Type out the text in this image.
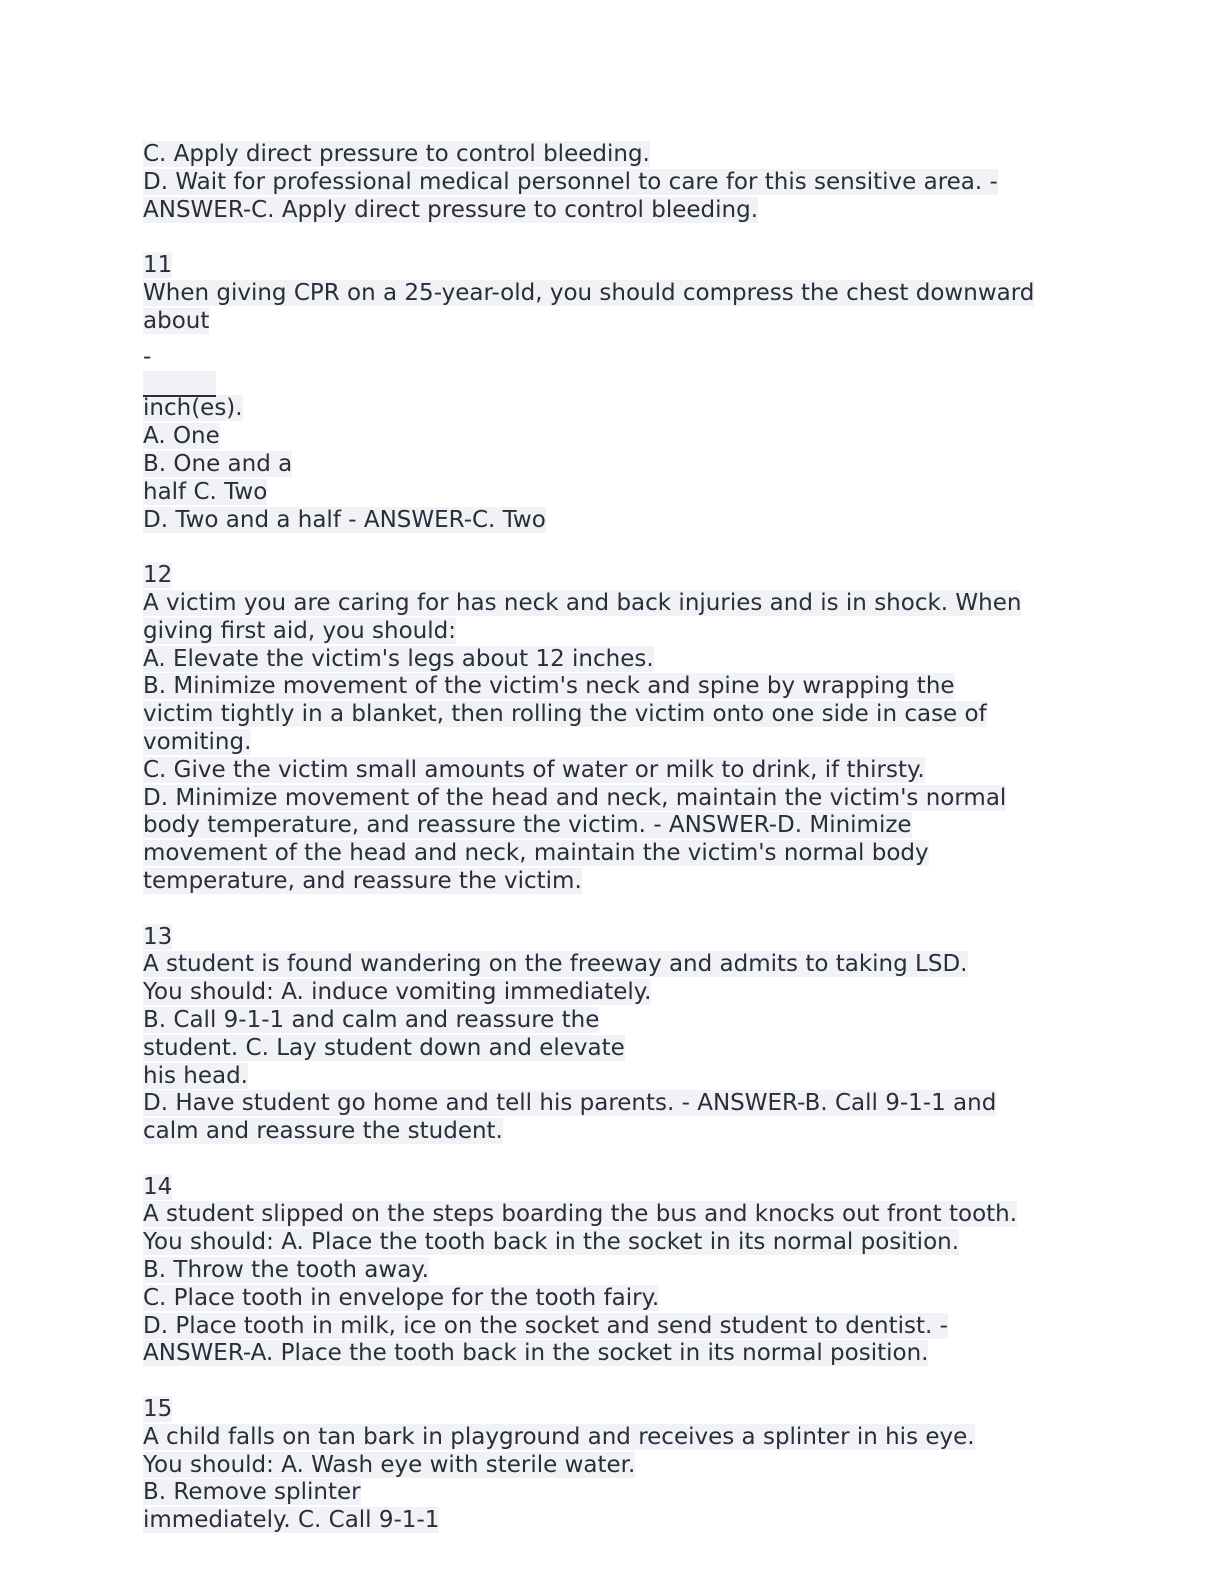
C. Apply direct pressure to control bleeding.
D. Wait for professional medical personnel to care for this sensitive area. -
ANSWER-C. Apply direct pressure to control bleeding.
11
When giving CPR on a 25-year-old, you should compress the chest downward
about
-
inch(es).
A. One
B. One and a
half C. Two
D. Two and a half - ANSWER-C. Two
12
A victim you are caring for has neck and back injuries and is in shock. When
giving first aid, you should:
A. Elevate the victim's legs about 12 inches.
B. Minimize movement of the victim's neck and spine by wrapping the
victim tightly in a blanket, then rolling the victim onto one side in case of
vomiting.
C. Give the victim small amounts of water or milk to drink, if thirsty.
D. Minimize movement of the head and neck, maintain the victim's normal
body temperature, and reassure the victim. - ANSWER-D. Minimize
movement of the head and neck, maintain the victim's normal body
temperature, and reassure the victim.
13
A student is found wandering on the freeway and admits to taking LSD.
You should: A. induce vomiting immediately.
B. Call 9-1-1 and calm and reassure the
student. C. Lay student down and elevate
his head.
D. Have student go home and tell his parents. - ANSWER-B. Call 9-1-1 and
calm and reassure the student.
14
A student slipped on the steps boarding the bus and knocks out front tooth.
You should: A. Place the tooth back in the socket in its normal position.
B. Throw the tooth away.
C. Place tooth in envelope for the tooth fairy.
D. Place tooth in milk, ice on the socket and send student to dentist. -
ANSWER-A. Place the tooth back in the socket in its normal position.
15
A child falls on tan bark in playground and receives a splinter in his eye.
You should: A. Wash eye with sterile water.
B. Remove splinter
immediately. C. Call 9-1-1
